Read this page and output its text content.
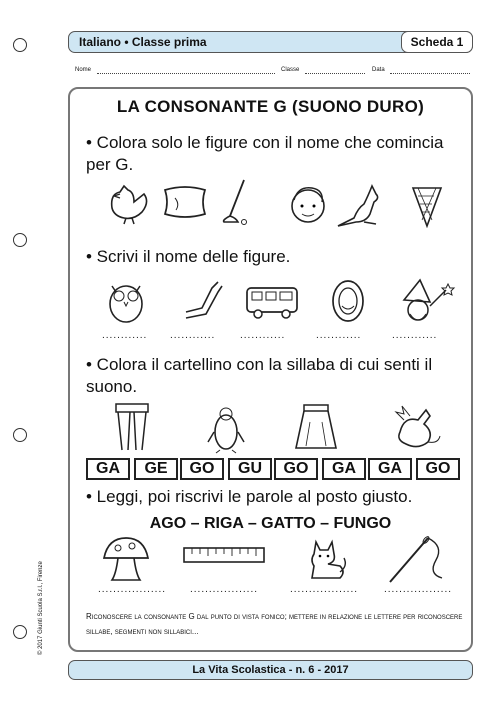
Italiano • Classe prima	Scheda 1
Nome	Classe	Data
LA CONSONANTE G (SUONO DURO)
• Colora solo le figure con il nome che comincia per G.
• Scrivi il nome delle figure.
............ ............ ............	............	............
• Colora il cartellino con la sillaba di cui senti il suono.
GA	GE	GO	GU	GO	GA	GA	GO
• Leggi, poi riscrivi le parole al posto giusto.
AGO – RIGA – GATTO – FUNGO
.................. ..................	..................	..................
Riconoscere la consonante G dal punto di vista fonico; mettere in relazione le lettere per riconoscere sillabe, segmenti non sillabici...
© 2017 Giunti Scuola S.r.l., Firenze
La Vita Scolastica - n. 6 - 2017
